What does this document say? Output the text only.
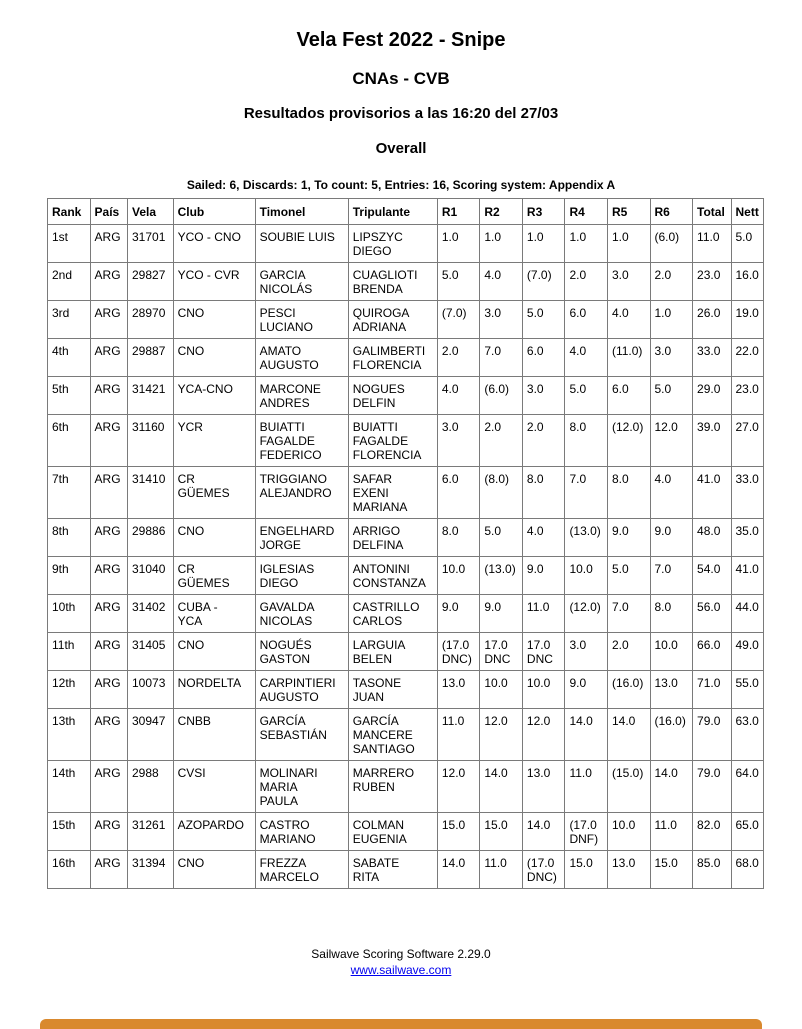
Vela Fest 2022 - Snipe
CNAs - CVB
Resultados provisorios a las 16:20 del 27/03
Overall
Sailed: 6, Discards: 1, To count: 5, Entries: 16, Scoring system: Appendix A
Rank	País	Vela	Club	Timonel	Tripulante	R1	R2	R3	R4	R5	R6	Total	Nett
1st	ARG	31701	YCO - CNO	SOUBIE LUIS	LIPSZYC
DIEGO	1.0	1.0	1.0	1.0	1.0	(6.0)	11.0	5.0
2nd	ARG	29827	YCO - CVR	GARCIA
NICOLÁS	CUAGLIOTI
BRENDA	5.0	4.0	(7.0)	2.0	3.0	2.0	23.0	16.0
3rd	ARG	28970	CNO	PESCI
LUCIANO	QUIROGA
ADRIANA	(7.0)	3.0	5.0	6.0	4.0	1.0	26.0	19.0
4th	ARG	29887	CNO	AMATO
AUGUSTO	GALIMBERTI
FLORENCIA	2.0	7.0	6.0	4.0	(11.0)	3.0	33.0	22.0
5th	ARG	31421	YCA-CNO	MARCONE
ANDRES	NOGUES
DELFIN	4.0	(6.0)	3.0	5.0	6.0	5.0	29.0	23.0
6th	ARG	31160	YCR	BUIATTI
FAGALDE
FEDERICO	BUIATTI
FAGALDE
FLORENCIA	3.0	2.0	2.0	8.0	(12.0)	12.0	39.0	27.0
7th	ARG	31410	CR
GÜEMES	TRIGGIANO
ALEJANDRO	SAFAR
EXENI
MARIANA	6.0	(8.0)	8.0	7.0	8.0	4.0	41.0	33.0
8th	ARG	29886	CNO	ENGELHARD
JORGE	ARRIGO
DELFINA	8.0	5.0	4.0	(13.0)	9.0	9.0	48.0	35.0
9th	ARG	31040	CR
GÜEMES	IGLESIAS
DIEGO	ANTONINI
CONSTANZA	10.0	(13.0)	9.0	10.0	5.0	7.0	54.0	41.0
10th	ARG	31402	CUBA -
YCA	GAVALDA
NICOLAS	CASTRILLO
CARLOS	9.0	9.0	11.0	(12.0)	7.0	8.0	56.0	44.0
11th	ARG	31405	CNO	NOGUÉS
GASTON	LARGUIA
BELEN	(17.0
DNC)	17.0
DNC	17.0
DNC	3.0	2.0	10.0	66.0	49.0
12th	ARG	10073	NORDELTA	CARPINTIERI
AUGUSTO	TASONE
JUAN	13.0	10.0	10.0	9.0	(16.0)	13.0	71.0	55.0
13th	ARG	30947	CNBB	GARCÍA
SEBASTIÁN	GARCÍA
MANCERE
SANTIAGO	11.0	12.0	12.0	14.0	14.0	(16.0)	79.0	63.0
14th	ARG	2988	CVSI	MOLINARI
MARIA
PAULA	MARRERO
RUBEN	12.0	14.0	13.0	11.0	(15.0)	14.0	79.0	64.0
15th	ARG	31261	AZOPARDO	CASTRO
MARIANO	COLMAN
EUGENIA	15.0	15.0	14.0	(17.0
DNF)	10.0	11.0	82.0	65.0
16th	ARG	31394	CNO	FREZZA
MARCELO	SABATE
RITA	14.0	11.0	(17.0
DNC)	15.0	13.0	15.0	85.0	68.0
Sailwave Scoring Software 2.29.0
www.sailwave.com
